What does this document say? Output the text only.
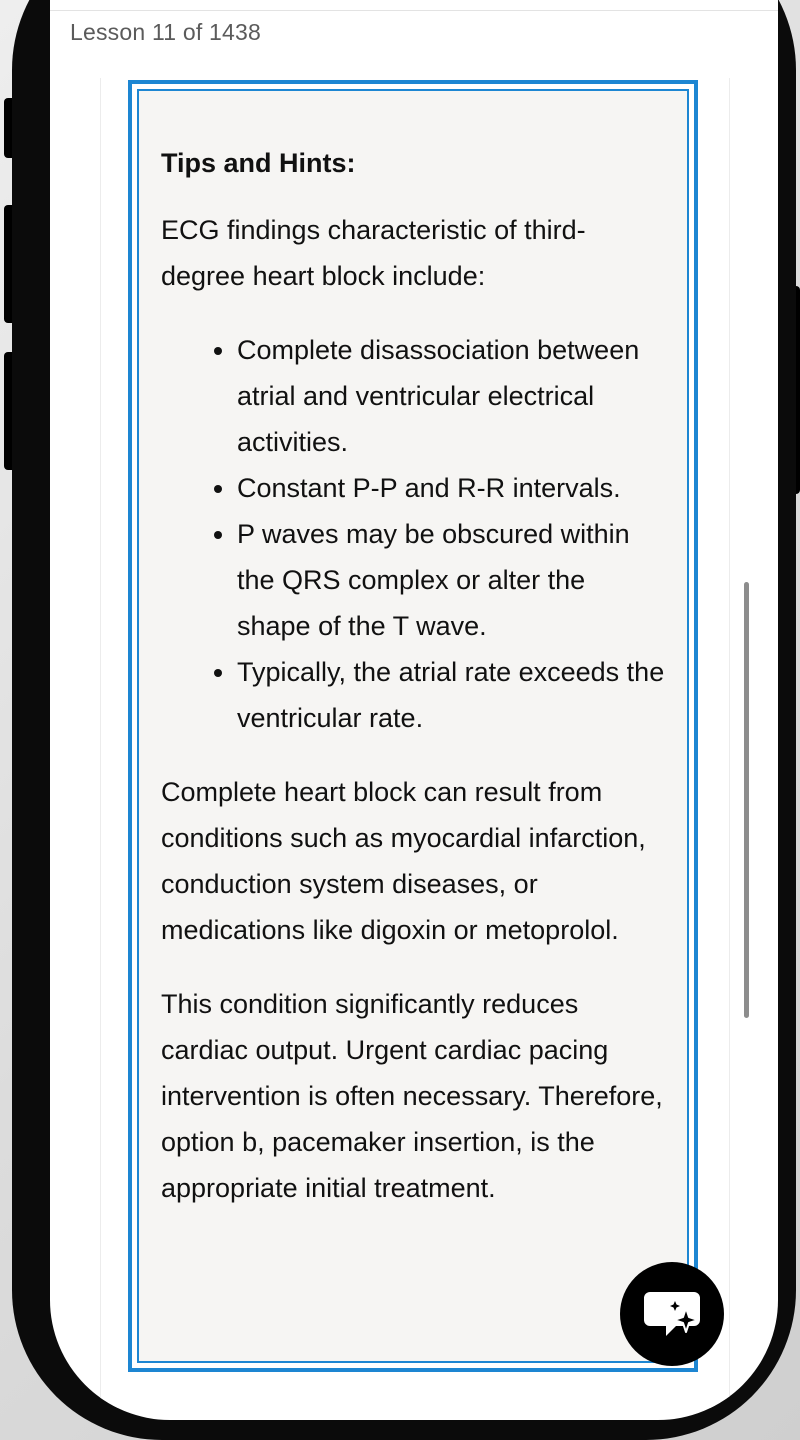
Lesson 11 of 1438
Tips and Hints:

ECG findings characteristic of third-degree heart block include:

• Complete disassociation between atrial and ventricular electrical activities.
• Constant P-P and R-R intervals.
• P waves may be obscured within the QRS complex or alter the shape of the T wave.
• Typically, the atrial rate exceeds the ventricular rate.

Complete heart block can result from conditions such as myocardial infarction, conduction system diseases, or medications like digoxin or metoprolol.

This condition significantly reduces cardiac output. Urgent cardiac pacing intervention is often necessary. Therefore, option b, pacemaker insertion, is the appropriate initial treatment.
